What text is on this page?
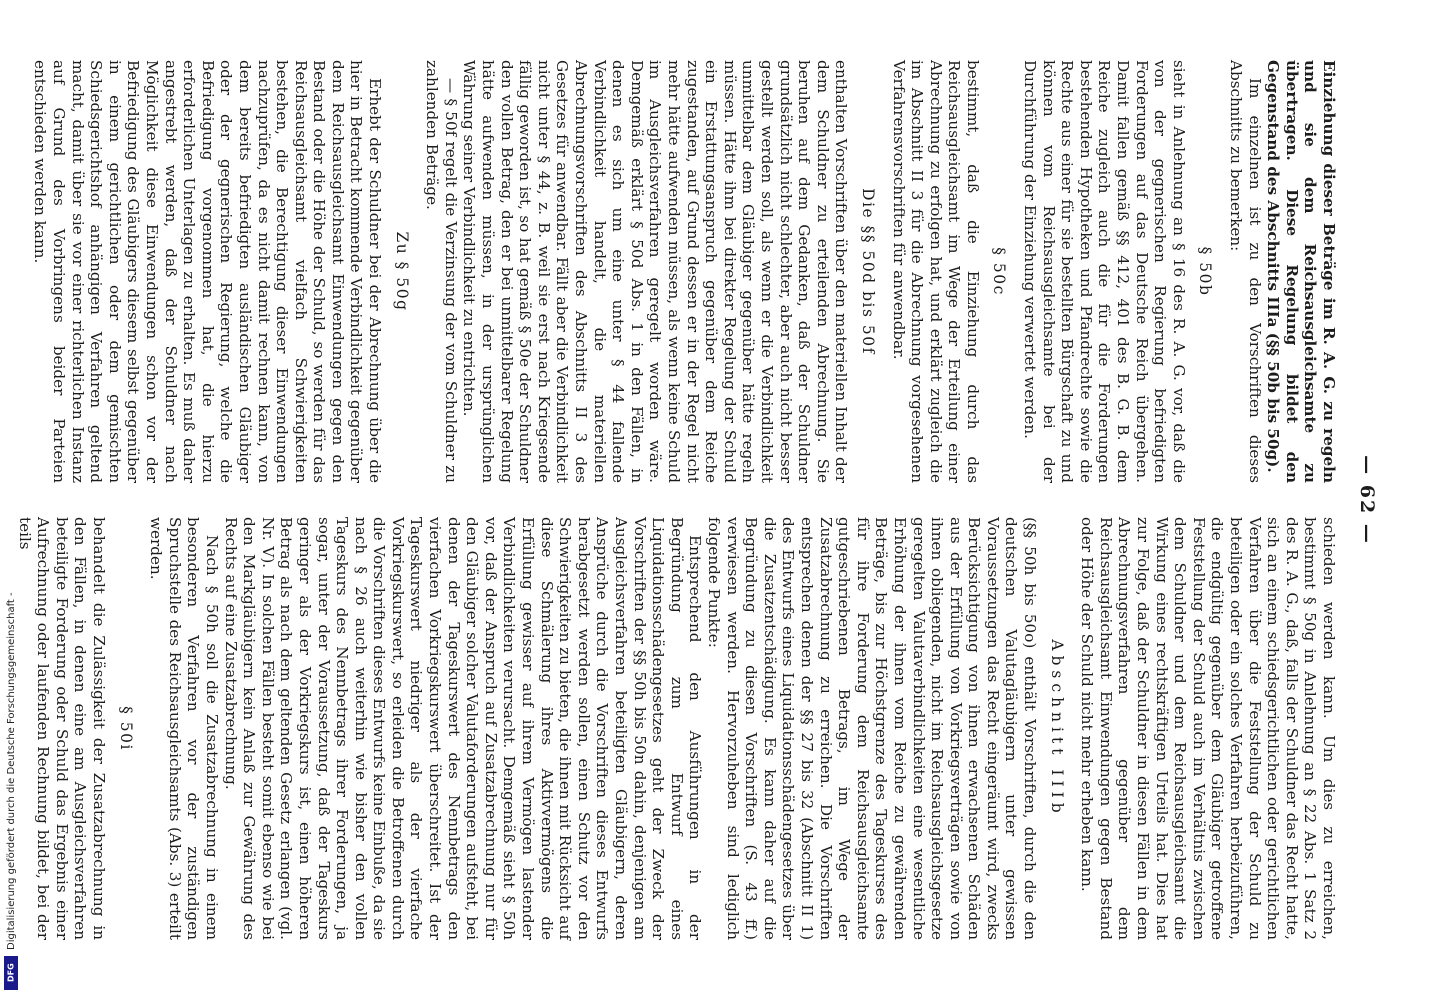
— 62 —

Einziehung dieser Beträge im R. A. G. zu regeln und sie dem Reichsausgleichsamte zu übertragen. Diese Regelung bildet den Gegenstand des Abschnitts IIIa (§§ 50b bis 50g).

Im einzelnen ist zu den Vorschriften dieses Abschnitts zu bemerken:

§ 50b

sieht in Anlehnung an § 16 des R. A. G. vor, daß die von der gegnerischen Regierung befriedigten Forderungen auf das Deutsche Reich übergehen. Damit fallen gemäß §§ 412, 401 des B. G. B. dem Reiche zugleich auch die für die Forderungen bestehenden Hypotheken und Pfandrechte sowie die Rechte aus einer für sie bestellten Bürgschaft zu und können vom Reichsausgleichsamte bei der Durchführung der Einziehung verwertet werden.

§ 50c

bestimmt, daß die Einziehung durch das Reichsausgleichsamt im Wege der Erteilung einer Abrechnung zu erfolgen hat, und erklärt zugleich die im Abschnitt II 3 für die Abrechnung vorgesehenen Verfahrensvorschriften für anwendbar.

Die §§ 50d bis 50f

enthalten Vorschriften über den materiellen Inhalt der dem Schuldner zu erteilenden Abrechnung. Sie beruhen auf dem Gedanken, daß der Schuldner grundsätzlich nicht schlechter, aber auch nicht besser gestellt werden soll, als wenn er die Verbindlichkeit unmittelbar dem Gläubiger gegenüber hätte regeln müssen. Hätte ihm bei direkter Regelung der Schuld ein Erstattungsanspruch gegenüber dem Reiche zugestanden, auf Grund dessen er in der Regel nicht mehr hätte aufwenden müssen, als wenn keine Schuld im Ausgleichsverfahren geregelt worden wäre. Demgemäß erklärt § 50d Abs. 1 in den Fällen, in denen es sich um eine unter § 44 fallende Verbindlichkeit handelt, die materiellen Abrechnungsvorschriften des Abschnitts II 3 des Gesetzes für anwendbar. Fällt aber die Verbindlichkeit nicht unter § 44, z. B. weil sie erst nach Kriegsende fällig geworden ist, so hat gemäß § 50e der Schuldner den vollen Betrag, den er bei unmittelbarer Regelung hätte aufwenden müssen, in der ursprünglichen Währung seiner Verbindlichkeit zu entrichten.

— § 50f regelt die Verzinsung der vom Schuldner zu zahlenden Beträge.

Zu § 50g

Erhebt der Schuldner bei der Abrechnung über die hier in Betracht kommende Verbindlichkeit gegenüber dem Reichsausgleichsamt Einwendungen gegen den Bestand oder die Höhe der Schuld, so werden für das Reichsausgleichsamt vielfach Schwierigkeiten bestehen, die Berechtigung dieser Einwendungen nachzuprüfen, da es nicht damit rechnen kann, von dem bereits befriedigten ausländischen Gläubiger oder der gegnerischen Regierung, welche die Befriedigung vorgenommen hat, die hierzu erforderlichen Unterlagen zu erhalten. Es muß daher angestrebt werden, daß der Schuldner nach Möglichkeit diese Einwendungen schon vor der Befriedigung des Gläubigers diesem selbst gegenüber in einem gerichtlichen oder dem gemischten Schiedsgerichtshof anhängigen Verfahren geltend macht, damit über sie vor einer richterlichen Instanz auf Grund des Vorbringens beider Parteien entschieden werden kann.

schieden werden kann. Um dies zu erreichen, bestimmt § 50g in Anlehnung an § 22 Abs. 1 Satz 2 des R. A. G., daß, falls der Schuldner das Recht hatte, sich an einem schiedsgerichtlichen oder gerichtlichen Verfahren über die Feststellung der Schuld zu beteiligen oder ein solches Verfahren herbeizuführen, die endgültig gegenüber dem Gläubiger getroffene Feststellung der Schuld auch im Verhältnis zwischen dem Schuldner und dem Reichsausgleichsamt die Wirkung eines rechtskräftigen Urteils hat. Dies hat zur Folge, daß der Schuldner in diesen Fällen in dem Abrechnungsverfahren gegenüber dem Reichsausgleichsamt Einwendungen gegen Bestand oder Höhe der Schuld nicht mehr erheben kann.

Abschnitt IIIb

(§§ 50h bis 50o) enthält Vorschriften, durch die den deutschen Valutagläubigern unter gewissen Voraussetzungen das Recht eingeräumt wird, zwecks Berücksichtigung von ihnen erwachsenen Schäden aus der Erfüllung von Vorkriegsverträgen sowie von ihnen obliegenden, nicht im Reichsausgleichsgesetze geregelten Valutaverbindlichkeiten eine wesentliche Erhöhung der ihnen vom Reiche zu gewährenden Beträge, bis zur Höchstgrenze des Tageskurses des für ihre Forderung dem Reichsausgleichsamte gutgeschriebenen Betrags, im Wege der Zusatzabrechnung zu erreichen. Die Vorschriften entsprechen denen der §§ 27 bis 32 (Abschnitt II 1) des Entwurfs eines Liquidationsschädengesetzes über die Zusatzentschädigung. Es kann daher auf die Begründung zu diesen Vorschriften (S. 43 ff.) verwiesen werden. Hervorzuheben sind lediglich folgende Punkte:

Entsprechend den Ausführungen in der Begründung zum Entwurf eines Liquidationsschädengesetzes geht der Zweck der Vorschriften der §§ 50h bis 50n dahin, denjenigen am Ausgleichsverfahren beteiligten Gläubigern, deren Ansprüche durch die Vorschriften dieses Entwurfs herabgesetzt werden sollen, einen Schutz vor den Schwierigkeiten zu bieten, die ihnen mit Rücksicht auf diese Schmälerung ihres Aktivvermögens die Erfüllung gewisser auf ihrem Vermögen lastender Verbindlichkeiten verursacht. Demgemäß sieht § 50h vor, daß der Anspruch auf Zusatzabrechnung nur für den Gläubiger solcher Valutaforderungen aufsteht, bei denen der Tageskurswert des Nennbetrags den vierfachen Vorkriegskurswert überschreitet. Ist der Tageskurswert niedriger als der vierfache Vorkriegskurswert, so erleiden die Betroffenen durch die Vorschriften dieses Entwurfs keine Einbuße, da sie nach § 26 auch weiterhin wie bisher den vollen Tageskurs des Nennbetrags ihrer Forderungen, ja sogar, unter der Voraussetzung, daß der Tageskurs geringer als der Vorkriegskurs ist, einen höheren Betrag als nach dem geltenden Gesetz erlangen (vgl. Nr. V). In solchen Fällen besteht somit ebenso wie bei den Markgläubigern kein Anlaß zur Gewährung des Rechts auf eine Zusatzabrechnung.

Nach § 50h soll die Zusatzabrechnung in einem besonderen Verfahren vor der zuständigen Spruchstelle des Reichsausgleichsamts (Abs. 3) erteilt werden.

§ 50i

behandelt die Zulässigkeit der Zusatzabrechnung in den Fällen, in denen eine am Ausgleichsverfahren beteiligte Forderung oder Schuld das Ergebnis einer Aufrechnung oder laufenden Rechnung bildet, bei der teils

Digitalisierung gefördert durch die Deutsche Forschungsgemeinschaft -
DFG
